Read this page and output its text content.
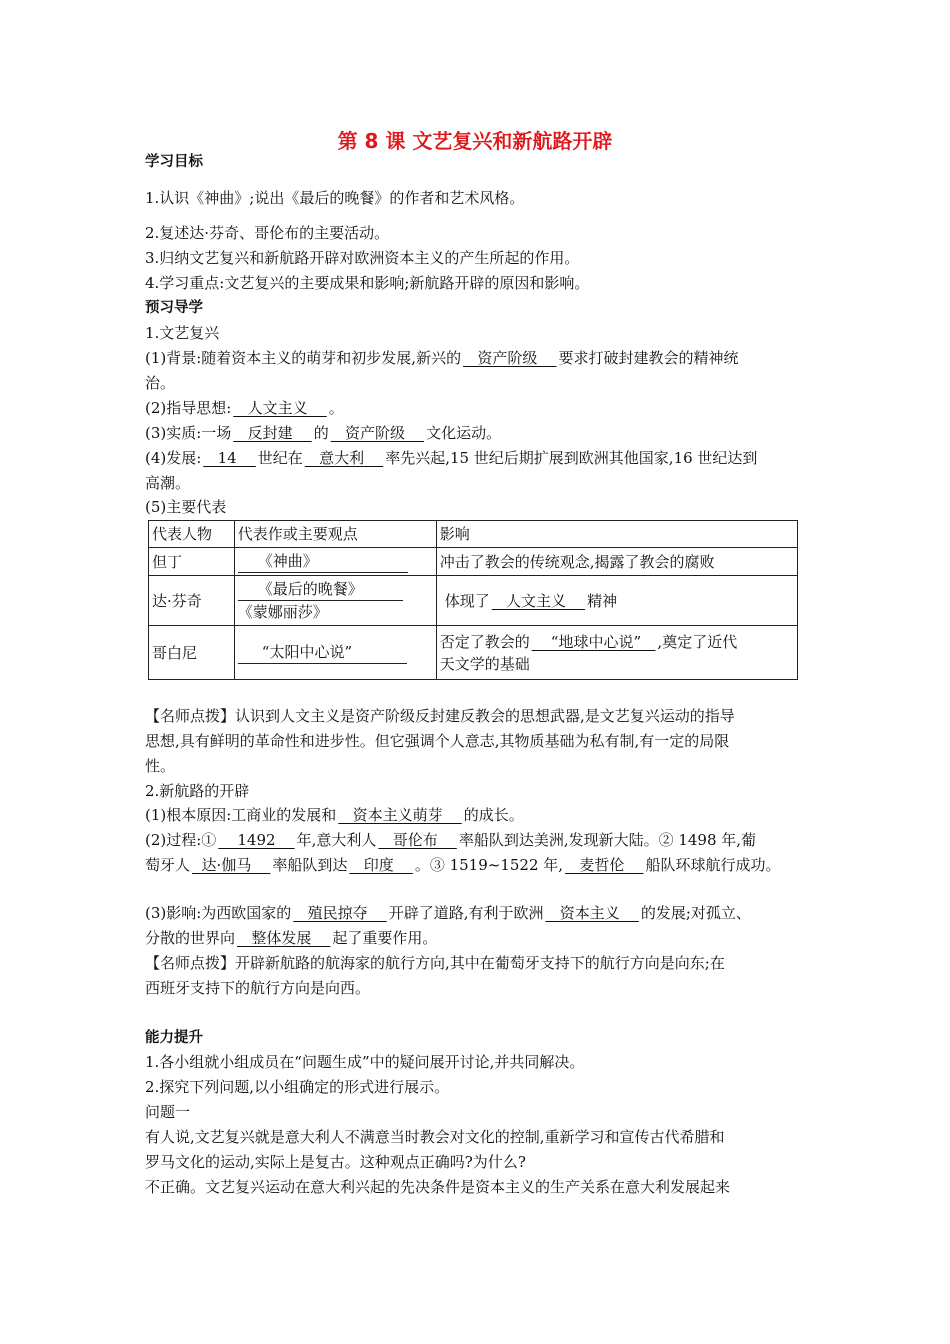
第 8 课 文艺复兴和新航路开辟
学习目标
1.认识《神曲》;说出《最后的晚餐》的作者和艺术风格。
2.复述达·芬奇、哥伦布的主要活动。
3.归纳文艺复兴和新航路开辟对欧洲资本主义的产生所起的作用。
4.学习重点:文艺复兴的主要成果和影响;新航路开辟的原因和影响。
预习导学
1.文艺复兴
(1)背景:随着资本主义的萌芽和初步发展,新兴的   资产阶级    要求打破封建教会的精神统
治。
(2)指导思想:   人文主义    。
(3)实质:一场   反封建    的   资产阶级    文化运动。
(4)发展:   14    世纪在   意大利    率先兴起,15 世纪后期扩展到欧洲其他国家,16 世纪达到
高潮。
(5)主要代表
代表人物	代表作或主要观点	影响
但丁	《神曲》	冲击了教会的传统观念,揭露了教会的腐败
达·芬奇	《最后的晚餐》
《蒙娜丽莎》	体现了   人文主义    精神
哥白尼	“太阳中心说”	否定了教会的    “地球中心说”   ,奠定了近代
天文学的基础
【名师点拨】认识到人文主义是资产阶级反封建反教会的思想武器,是文艺复兴运动的指导
思想,具有鲜明的革命性和进步性。但它强调个人意志,其物质基础为私有制,有一定的局限
性。
2.新航路的开辟
(1)根本原因:工商业的发展和   资本主义萌芽    的成长。
(2)过程:①    1492    年,意大利人   哥伦布    率船队到达美洲,发现新大陆。② 1498 年,葡
萄牙人  达·伽马    率船队到达   印度    。③ 1519~1522 年,   麦哲伦    船队环球航行成功。
(3)影响:为西欧国家的   殖民掠夺    开辟了道路,有利于欧洲   资本主义    的发展;对孤立、
分散的世界向   整体发展    起了重要作用。
【名师点拨】开辟新航路的航海家的航行方向,其中在葡萄牙支持下的航行方向是向东;在
西班牙支持下的航行方向是向西。
能力提升
1.各小组就小组成员在“问题生成”中的疑问展开讨论,并共同解决。
2.探究下列问题,以小组确定的形式进行展示。
问题一
有人说,文艺复兴就是意大利人不满意当时教会对文化的控制,重新学习和宣传古代希腊和
罗马文化的运动,实际上是复古。这种观点正确吗?为什么?
不正确。文艺复兴运动在意大利兴起的先决条件是资本主义的生产关系在意大利发展起来
